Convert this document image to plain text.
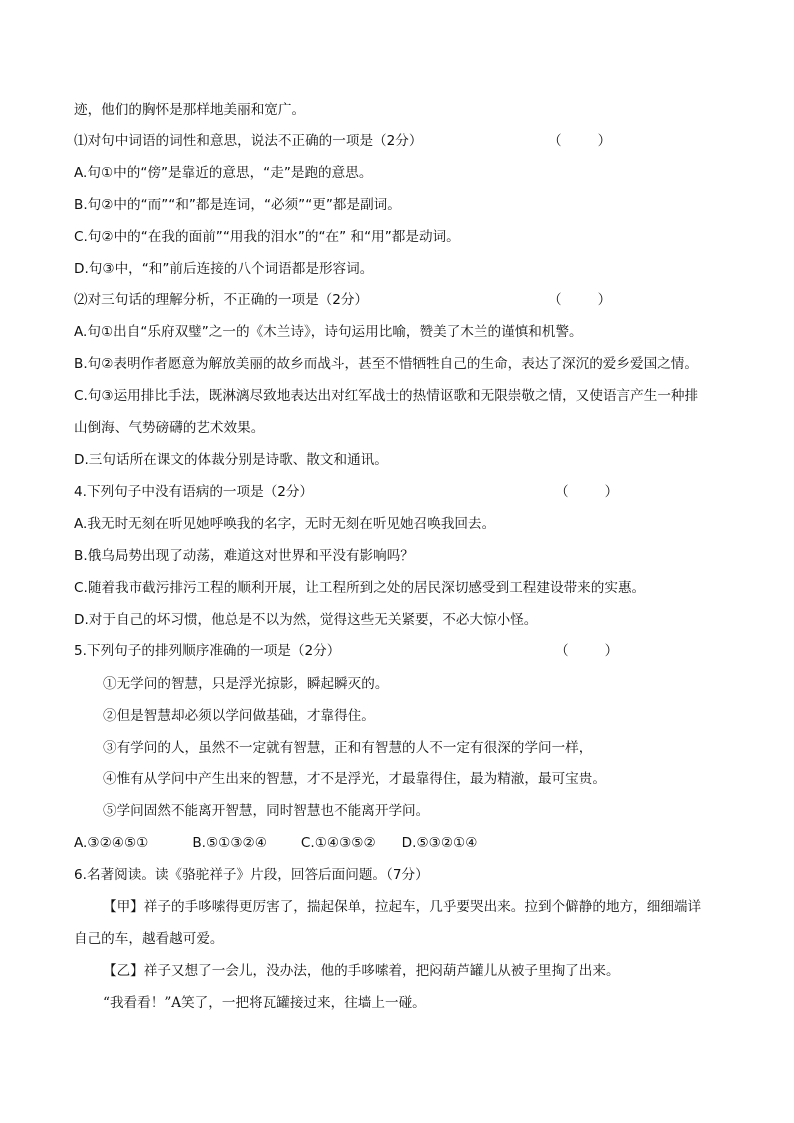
迹，他们的胸怀是那样地美丽和宽广。
⑴对句中词语的词性和意思，说法不正确的一项是（2分）	（	）
A.句①中的“傍”是靠近的意思，“走”是跑的意思。
B.句②中的“而”“和”都是连词，“必须”“更”都是副词。
C.句②中的“在我的面前”“用我的泪水”的“在” 和“用”都是动词。
D.句③中，“和”前后连接的八个词语都是形容词。
⑵对三句话的理解分析，不正确的一项是（2分）	（	）
A.句①出自“乐府双璧”之一的《木兰诗》，诗句运用比喻，赞美了木兰的谨慎和机警。
B.句②表明作者愿意为解放美丽的故乡而战斗，甚至不惜牺牲自己的生命，表达了深沉的爱乡爱国之情。
C.句③运用排比手法，既淋漓尽致地表达出对红军战士的热情讴歌和无限崇敬之情，又使语言产生一种排
山倒海、气势磅礴的艺术效果。
D.三句话所在课文的体裁分别是诗歌、散文和通讯。
4.下列句子中没有语病的一项是（2分）	（	）
A.我无时无刻在听见她呼唤我的名字，无时无刻在听见她召唤我回去。
B.俄乌局势出现了动荡，难道这对世界和平没有影响吗？
C.随着我市截污排污工程的顺利开展，让工程所到之处的居民深切感受到工程建设带来的实惠。
D.对于自己的坏习惯，他总是不以为然，觉得这些无关紧要，不必大惊小怪。
5.下列句子的排列顺序准确的一项是（2分）	（	）
①无学问的智慧，只是浮光掠影，瞬起瞬灭的。
②但是智慧却必须以学问做基础，才靠得住。
③有学问的人，虽然不一定就有智慧，正和有智慧的人不一定有很深的学问一样，
④惟有从学问中产生出来的智慧，才不是浮光，才最靠得住，最为精澈，最可宝贵。
⑤学问固然不能离开智慧，同时智慧也不能离开学问。
A.③②④⑤①	B.⑤①③②④	C.①④③⑤② D.⑤③②①④
6.名著阅读。读《骆驼祥子》片段，回答后面问题。（7分）
【甲】祥子的手哆嗦得更厉害了，揣起保单，拉起车，几乎要哭出来。拉到个僻静的地方，细细端详
自己的车，越看越可爱。
【乙】祥子又想了一会儿，没办法，他的手哆嗦着，把闷葫芦罐儿从被子里掏了出来。
“我看看！”A笑了，一把将瓦罐接过来，往墙上一碰。
